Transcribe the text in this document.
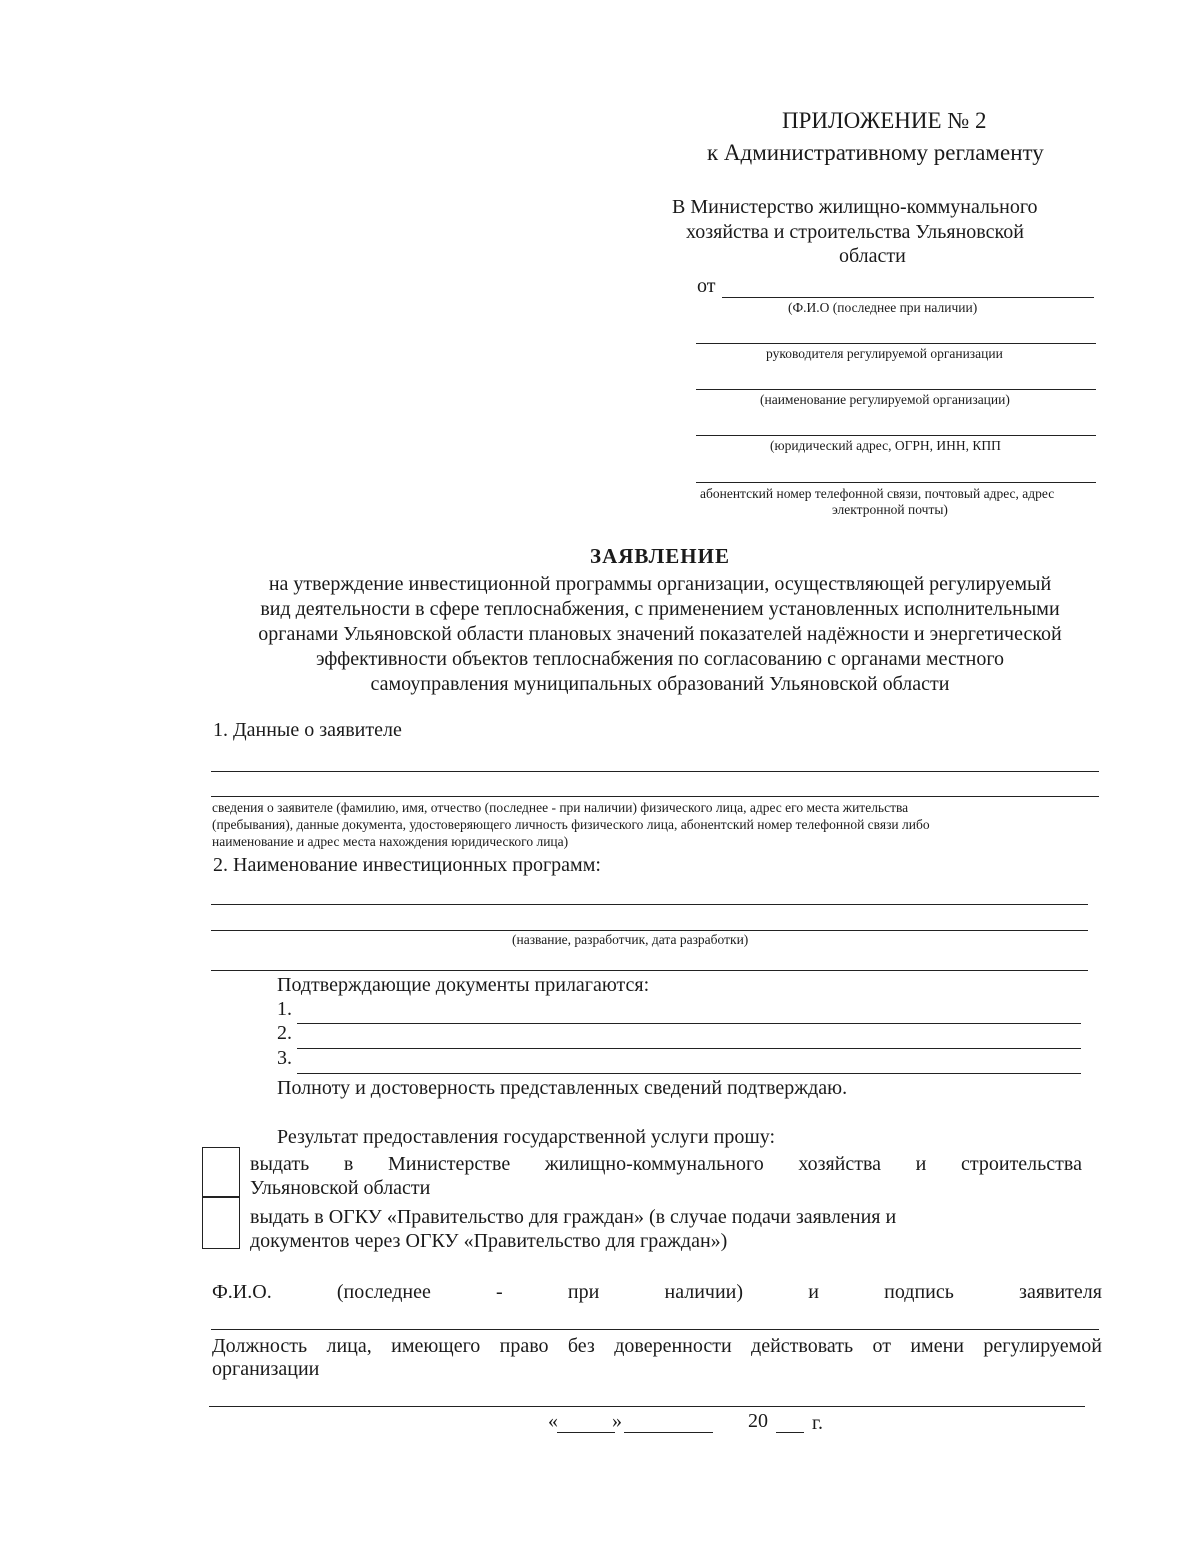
ПРИЛОЖЕНИЕ № 2
к Административному регламенту
В Министерство жилищно-коммунального
хозяйства и строительства Ульяновской
области
от
(Ф.И.О (последнее при наличии)
руководителя регулируемой организации
(наименование регулируемой организации)
(юридический адрес, ОГРН, ИНН, КПП
абонентский номер телефонной связи, почтовый адрес, адрес
электронной почты)
ЗАЯВЛЕНИЕ
на утверждение инвестиционной программы организации, осуществляющей регулируемый
вид деятельности в сфере теплоснабжения, с применением установленных исполнительными
органами Ульяновской области плановых значений показателей надёжности и энергетической
эффективности объектов теплоснабжения по согласованию с органами местного
самоуправления муниципальных образований Ульяновской области
1. Данные о заявителе
сведения о заявителе (фамилию, имя, отчество (последнее - при наличии) физического лица, адрес его места жительства
(пребывания), данные документа, удостоверяющего личность физического лица, абонентский номер телефонной связи либо
наименование и адрес места нахождения юридического лица)
2. Наименование инвестиционных программ:
(название, разработчик, дата разработки)
Подтверждающие документы прилагаются:
1.
2.
3.
Полноту и достоверность представленных сведений подтверждаю.
Результат предоставления государственной услуги прошу:
выдать в Министерстве жилищно-коммунального хозяйства и строительства
Ульяновской области
выдать в ОГКУ «Правительство для граждан» (в случае подачи заявления и
документов через ОГКУ «Правительство для граждан»)
Ф.И.О.	(последнее	-	при	наличии)	и	подпись	заявителя
Должность лица, имеющего право без доверенности действовать от имени регулируемой
организации
«	»	20 г.
